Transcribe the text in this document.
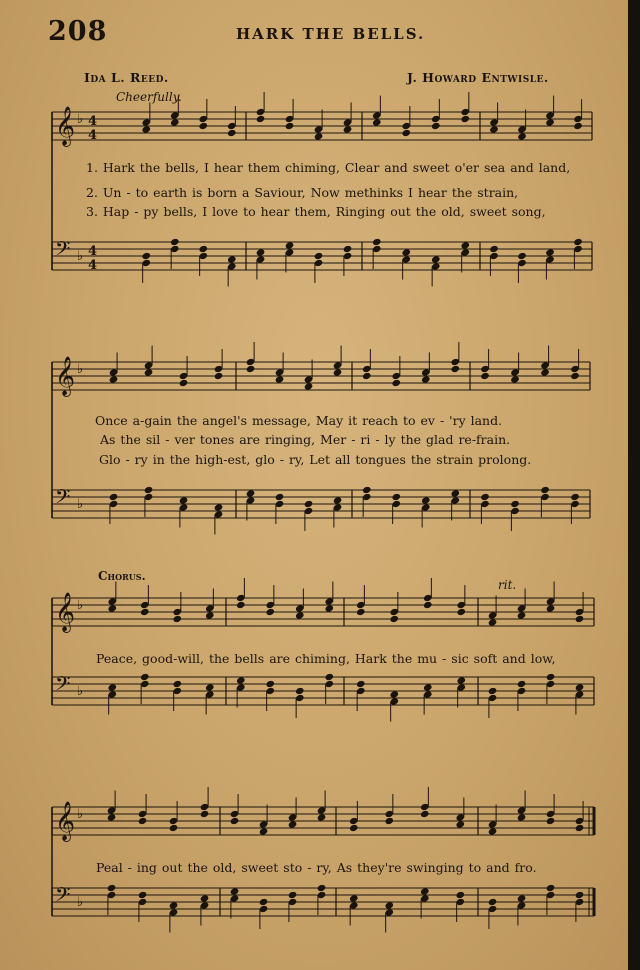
208	HARK THE BELLS.
Ida L. Reed.	J. Howard Entwisle.
Cheerfully.
Chorus.
rit.
1. Hark the bells, I hear them chiming, Clear and sweet o'er sea and land,
2. Un - to earth is born a Saviour, Now methinks I hear the strain,
3. Hap - py bells, I love to hear them, Ringing out the old, sweet song,
Once a-gain the angel's message, May it reach to ev - 'ry land.
As the sil - ver tones are ringing, Mer - ri - ly the glad re-frain.
Glo - ry in the high-est, glo - ry, Let all tongues the strain prolong.
Peace, good-will, the bells are chiming, Hark the mu - sic soft and low,
Peal - ing out the old, sweet sto - ry, As they're swinging to and fro.
𝄞 ♭ 4
4
𝄢 ♭ 4
4
𝄞 ♭
𝄢 ♭
𝄞 ♭
𝄢 ♭
𝄞 ♭
𝄢 ♭
